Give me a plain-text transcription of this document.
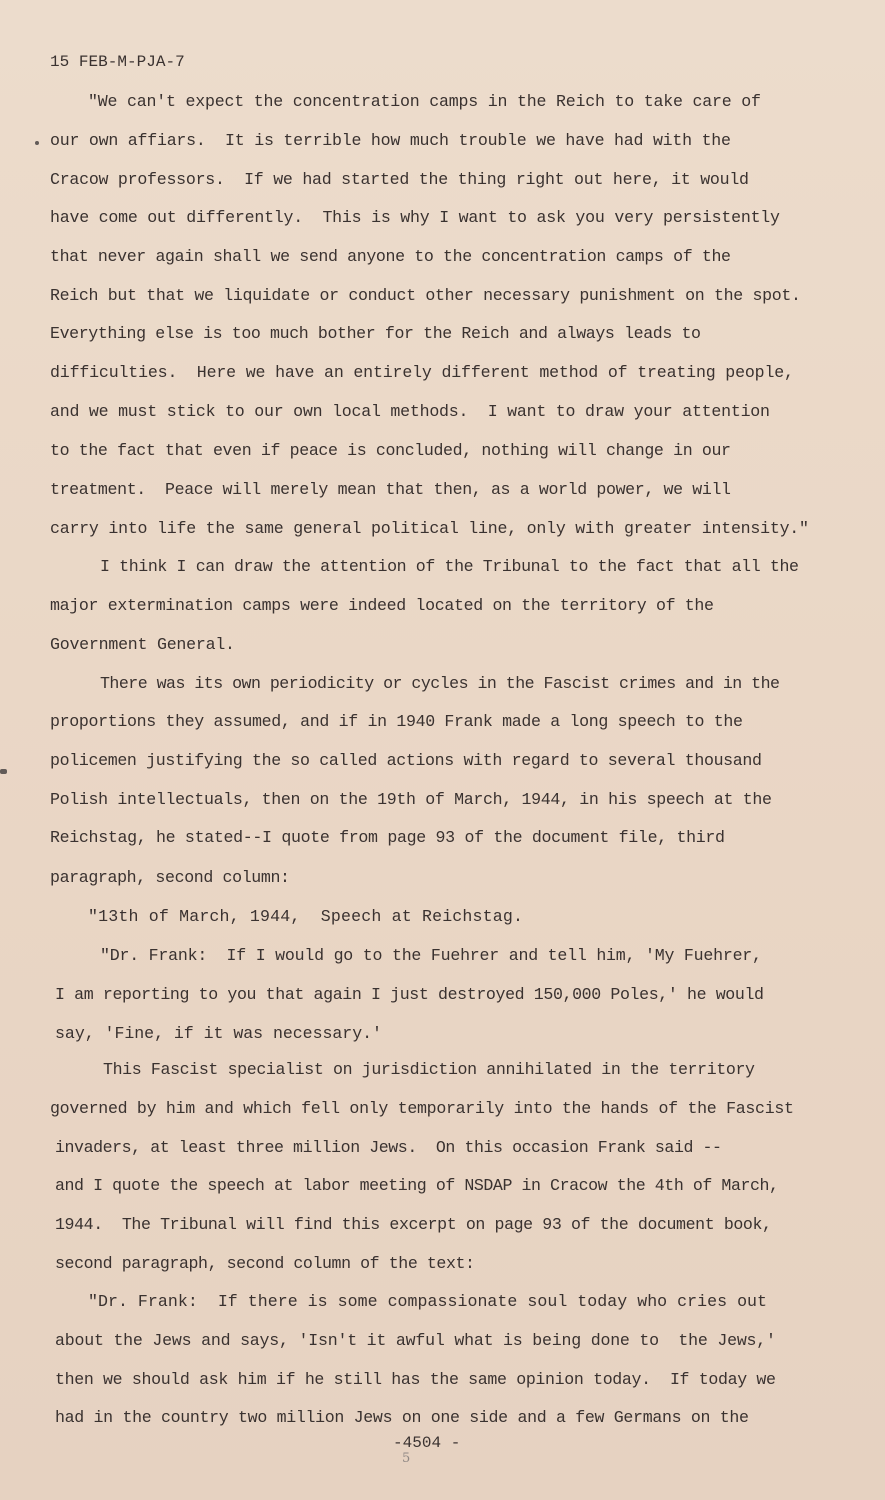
15 FEB-M-PJA-7
"We can't expect the concentration camps in the Reich to take care of
our own affiars.  It is terrible how much trouble we have had with the
Cracow professors.  If we had started the thing right out here, it would
have come out differently.  This is why I want to ask you very persistently
that never again shall we send anyone to the concentration camps of the
Reich but that we liquidate or conduct other necessary punishment on the spot.
Everything else is too much bother for the Reich and always leads to
difficulties.  Here we have an entirely different method of treating people,
and we must stick to our own local methods.  I want to draw your attention
to the fact that even if peace is concluded, nothing will change in our
treatment.  Peace will merely mean that then, as a world power, we will
carry into life the same general political line, only with greater intensity."
I think I can draw the attention of the Tribunal to the fact that all the
major extermination camps were indeed located on the territory of the
Government General.
There was its own periodicity or cycles in the Fascist crimes and in the
proportions they assumed, and if in 1940 Frank made a long speech to the
policemen justifying the so called actions with regard to several thousand
Polish intellectuals, then on the 19th of March, 1944, in his speech at the
Reichstag, he stated--I quote from page 93 of the document file, third
paragraph, second column:
"13th of March, 1944,  Speech at Reichstag.
"Dr. Frank:  If I would go to the Fuehrer and tell him, 'My Fuehrer,
I am reporting to you that again I just destroyed 150,000 Poles,' he would
say, 'Fine, if it was necessary.'
This Fascist specialist on jurisdiction annihilated in the territory
governed by him and which fell only temporarily into the hands of the Fascist
invaders, at least three million Jews.  On this occasion Frank said --
and I quote the speech at labor meeting of NSDAP in Cracow the 4th of March,
1944.  The Tribunal will find this excerpt on page 93 of the document book,
second paragraph, second column of the text:
"Dr. Frank:  If there is some compassionate soul today who cries out
about the Jews and says, 'Isn't it awful what is being done to  the Jews,'
then we should ask him if he still has the same opinion today.  If today we
had in the country two million Jews on one side and a few Germans on the
-4504 -
5
